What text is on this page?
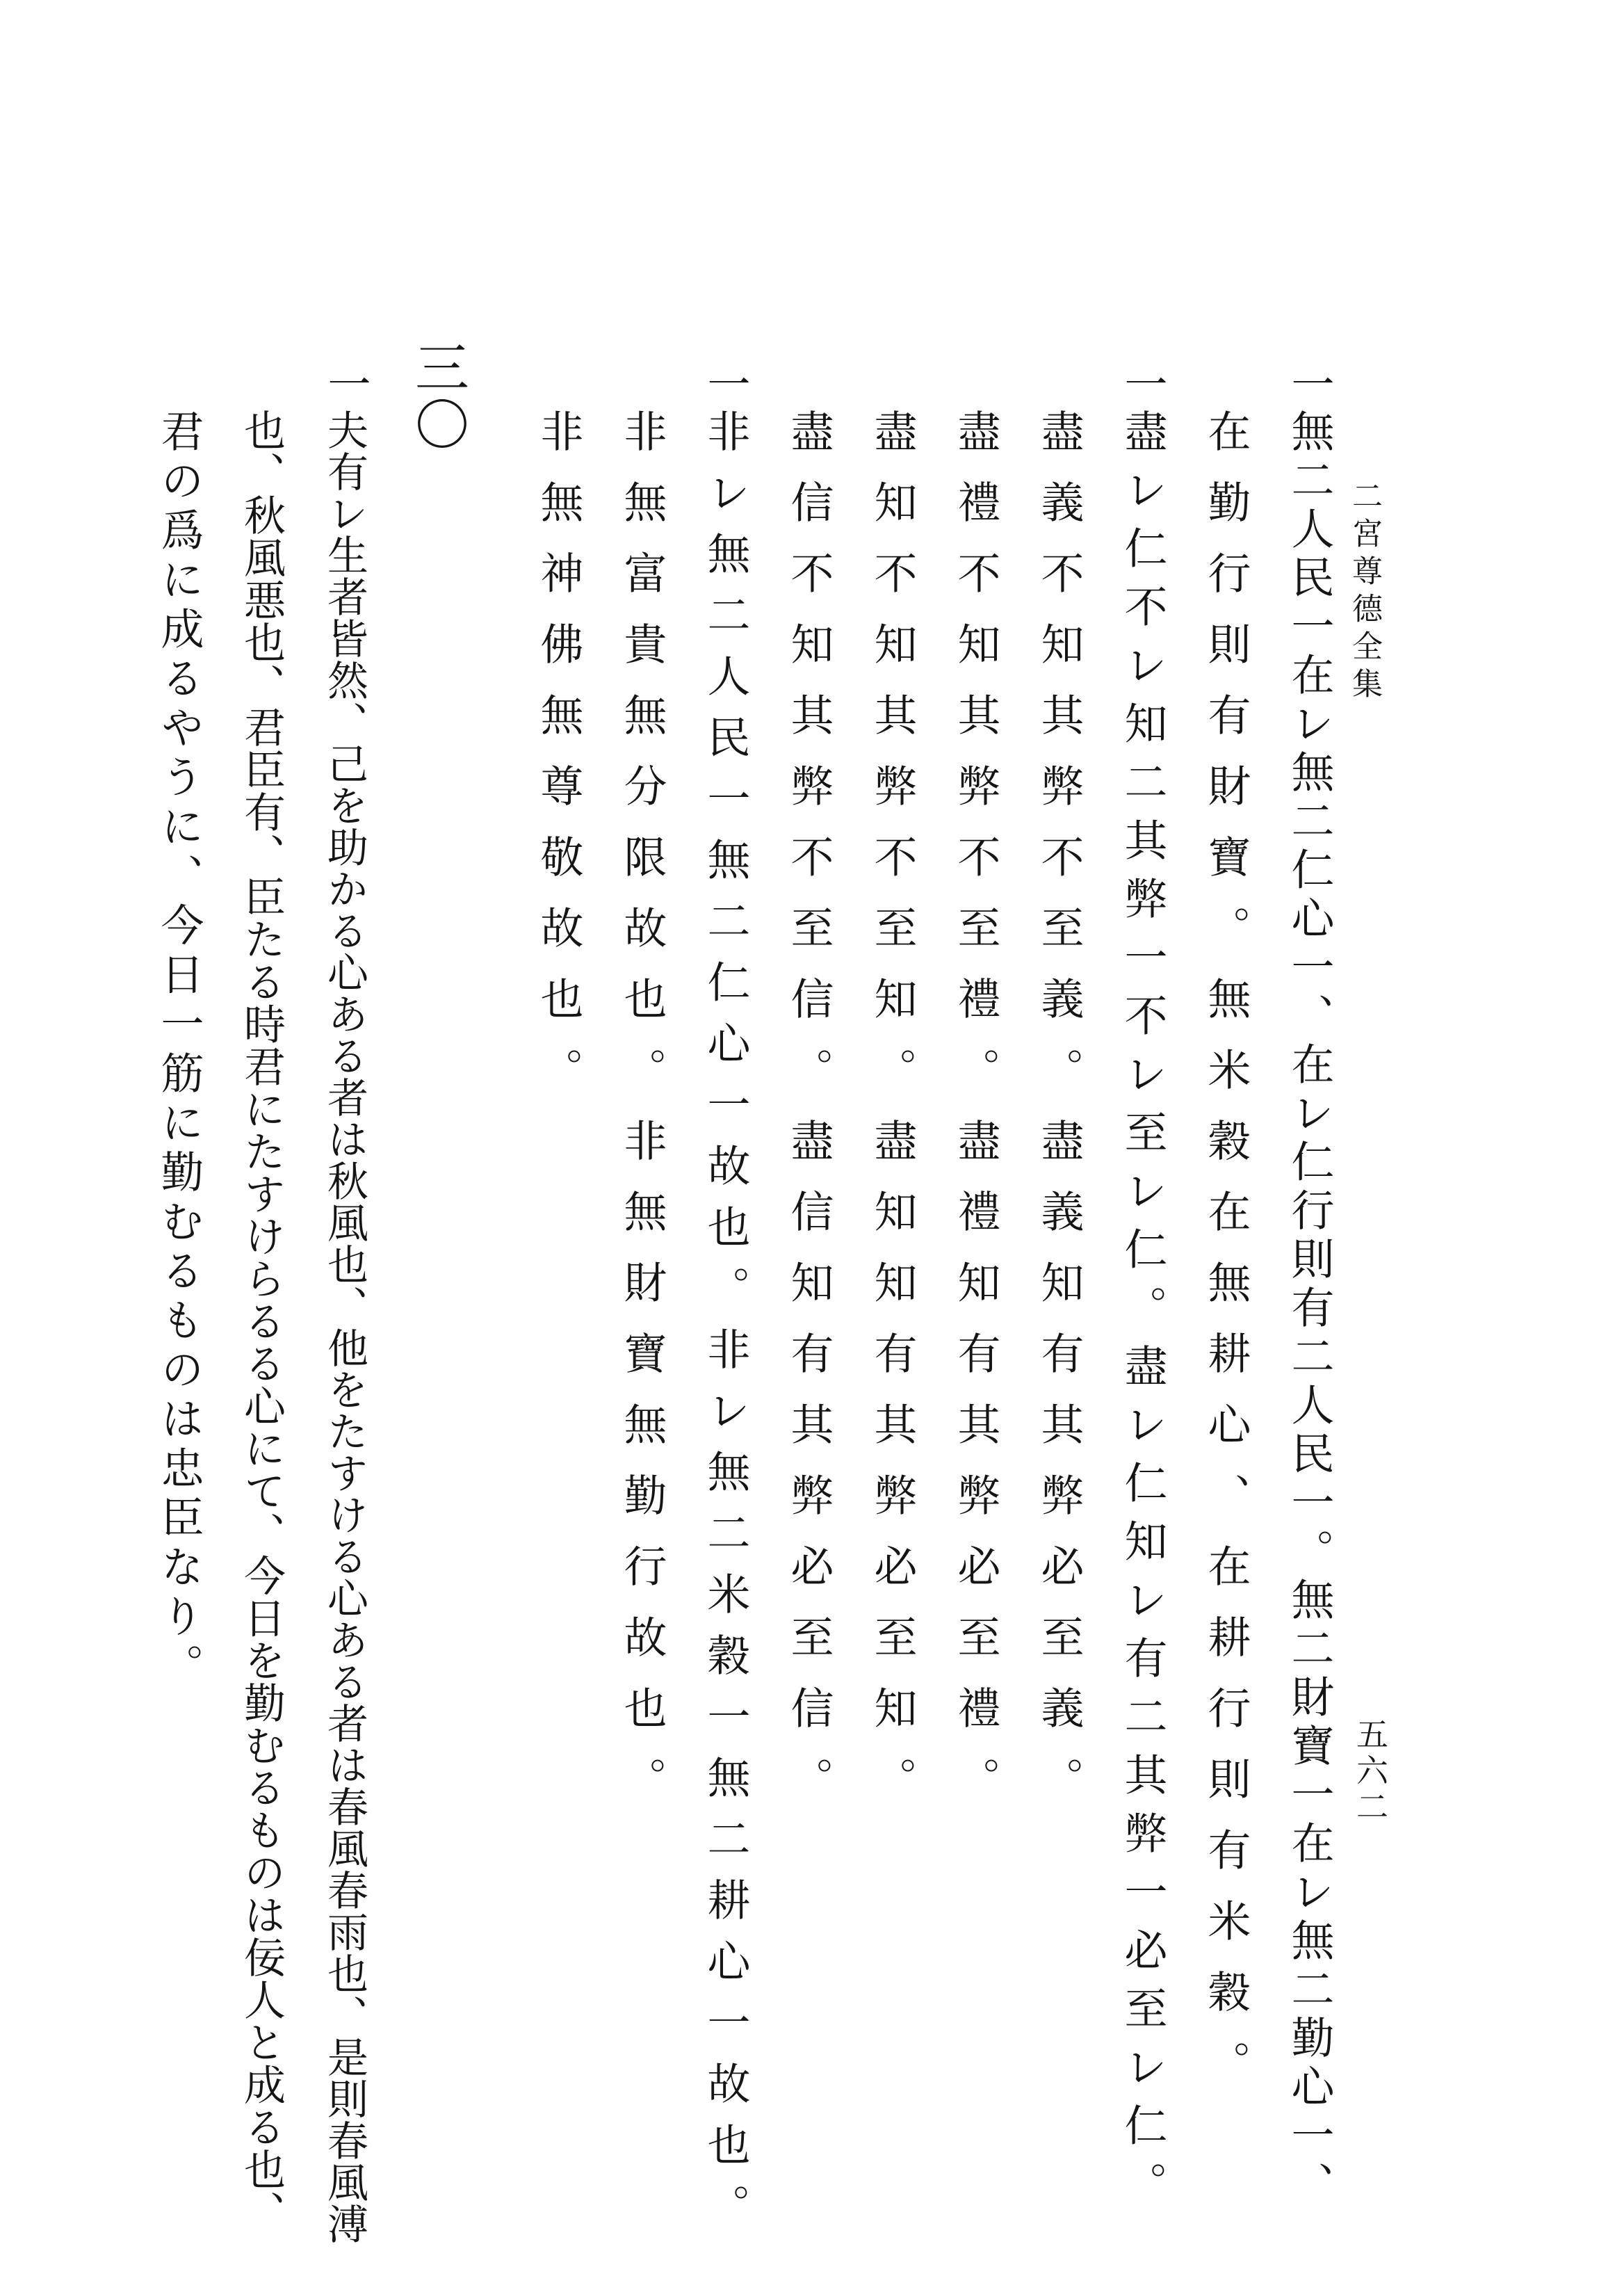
二宮尊德全集
五六二
一
無二人民一在レ無二仁心一、在レ仁行則有二人民一。無二財寶一在レ無二勤心一、
在勤行則有財寶。無米穀在無耕心、在耕行則有米穀。
一
盡レ仁不レ知二其弊一不レ至レ仁。盡レ仁知レ有二其弊一必至レ仁。
盡義不知其弊不至義。盡義知有其弊必至義。
盡禮不知其弊不至禮。盡禮知有其弊必至禮。
盡知不知其弊不至知。盡知知有其弊必至知。
盡信不知其弊不至信。盡信知有其弊必至信。
一
非レ無二人民一無二仁心一故也。非レ無二米穀一無二耕心一故也。
非無富貴無分限故也。非無財寶無勤行故也。
非無神佛無尊敬故也。
三〇
一
夫有レ生者皆然、己を助かる心ある者は秋風也、他をたすける心ある者は春風春雨也、是則春風溥
也、秋風悪也、君臣有、臣たる時君にたすけらるる心にて、今日を勤むるものは佞人と成る也、
君の爲に成るやうに、今日一筋に勤むるものは忠臣なり。
